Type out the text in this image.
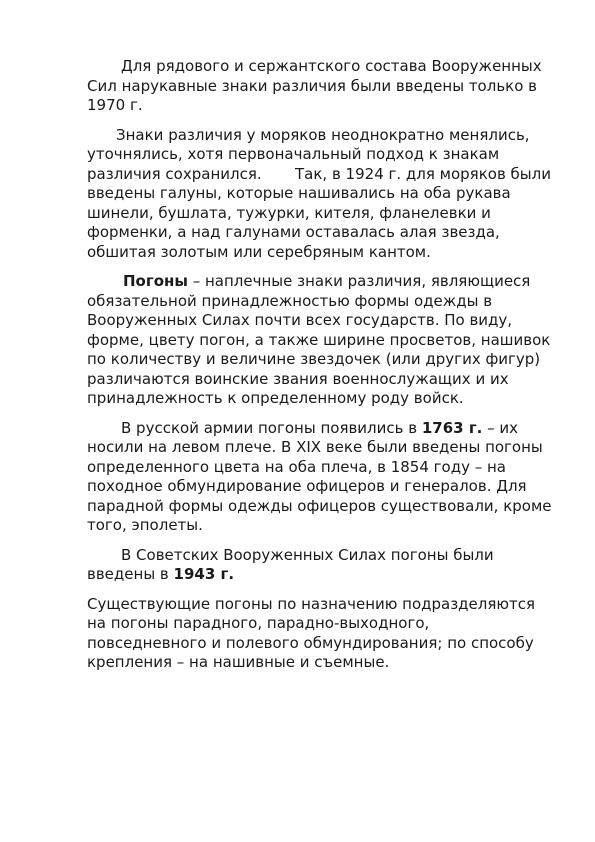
Для рядового и сержантского состава Вооруженных Сил нарукавные знаки различия были введены только в 1970 г.

Знаки различия у моряков неоднократно менялись, уточнялись, хотя первоначальный подход к знакам различия сохранился.       Так, в 1924 г. для моряков были введены галуны, которые нашивались на оба рукава шинели, бушлата, тужурки, кителя, фланелевки и форменки, а над галунами оставалась алая звезда, обшитая золотым или серебряным кантом.

Погоны – наплечные знаки различия, являющиеся обязательной принадлежностью формы одежды в Вооруженных Силах почти всех государств. По виду, форме, цвету погон, а также ширине просветов, нашивок по количеству и величине звездочек (или других фигур) различаются воинские звания военнослужащих и их принадлежность к определенному роду войск.

В русской армии погоны появились в 1763 г. – их носили на левом плече. В XIX веке были введены погоны определенного цвета на оба плеча, в 1854 году – на походное обмундирование офицеров и генералов. Для парадной формы одежды офицеров существовали, кроме того, эполеты.

В Советских Вооруженных Силах погоны были введены в 1943 г.

Существующие погоны по назначению подразделяются на погоны парадного, парадно-выходного, повседневного и полевого обмундирования; по способу крепления – на нашивные и съемные.
